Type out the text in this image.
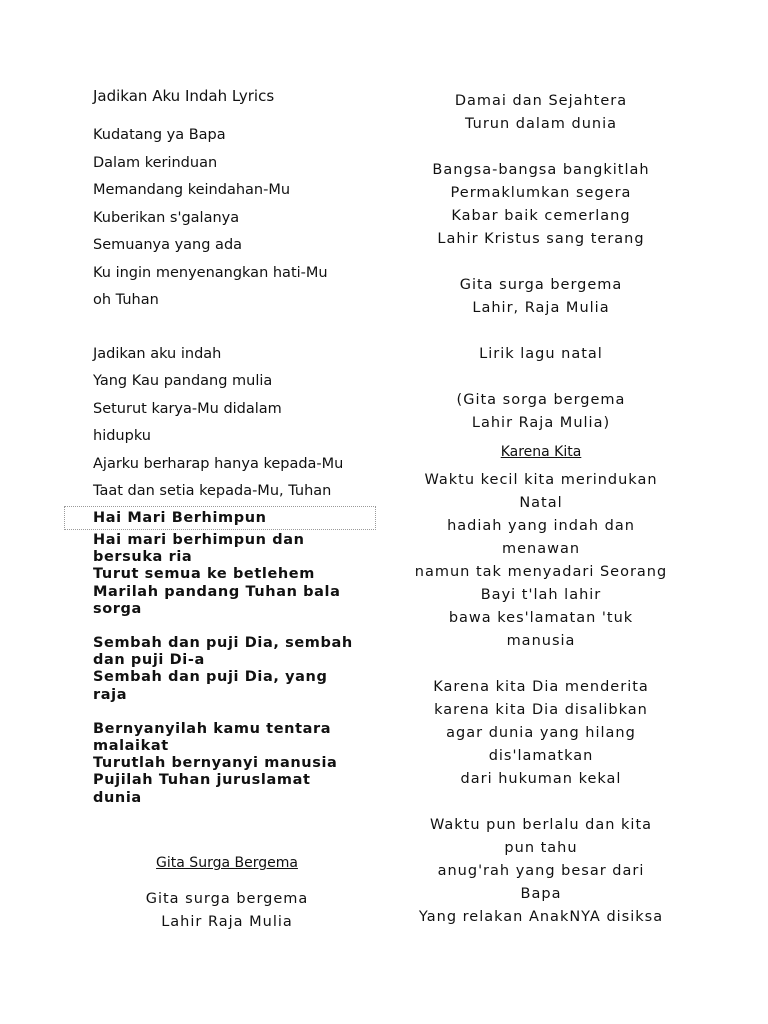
Jadikan Aku Indah Lyrics

Kudatang ya Bapa

Dalam kerinduan

Memandang keindahan-Mu

Kuberikan s'galanya

Semuanya yang ada

Ku ingin menyenangkan hati-Mu

oh Tuhan

Jadikan aku indah

Yang Kau pandang mulia

Seturut karya-Mu didalam

hidupku

Ajarku berharap hanya kepada-Mu

Taat dan setia kepada-Mu, Tuhan

Hai Mari Berhimpun

Hai mari berhimpun dan

bersuka ria

Turut semua ke betlehem

Marilah pandang Tuhan bala

sorga

Sembah dan puji Dia, sembah

dan puji Di-a

Sembah dan puji Dia, yang

raja

Bernyanyilah kamu tentara

malaikat

Turutlah bernyanyi manusia

Pujilah Tuhan juruslamat

dunia

Gita Surga Bergema

Gita surga bergema

Lahir Raja Mulia

Damai dan Sejahtera

Turun dalam dunia

Bangsa-bangsa bangkitlah

Permaklumkan segera

Kabar baik cemerlang

Lahir Kristus sang terang

Gita surga bergema

Lahir, Raja Mulia

Lirik lagu natal

(Gita sorga bergema

Lahir Raja Mulia)

Karena Kita

Waktu kecil kita merindukan

Natal

hadiah yang indah dan

menawan

namun tak menyadari Seorang

Bayi t'lah lahir

bawa kes'lamatan 'tuk

manusia

Karena kita Dia menderita

karena kita Dia disalibkan

agar dunia yang hilang

dis'lamatkan

dari hukuman kekal

Waktu pun berlalu dan kita

pun tahu

anug'rah yang besar dari

Bapa

Yang relakan AnakNYA disiksa
